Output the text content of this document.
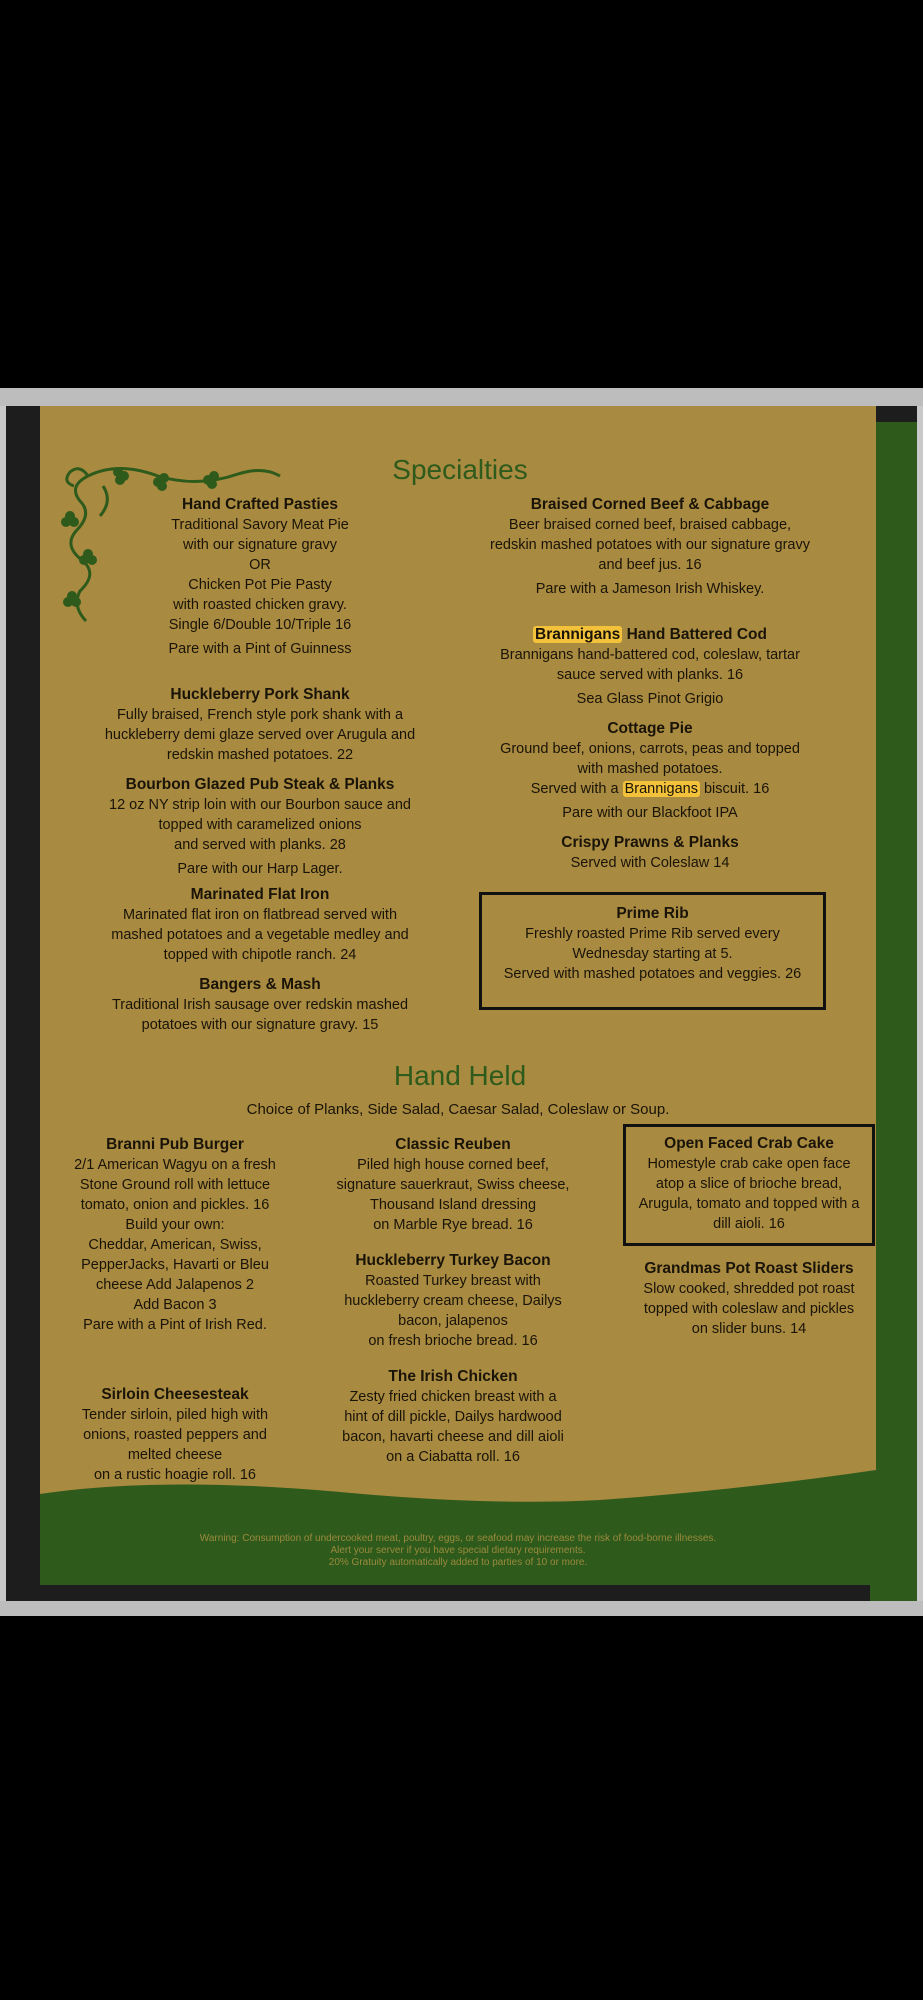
Specialties
Hand Crafted Pasties
Traditional Savory Meat Pie
with our signature gravy
OR
Chicken Pot Pie Pasty
with roasted chicken gravy.
Single 6/Double 10/Triple 16
Pare with a Pint of Guinness
Huckleberry Pork Shank
Fully braised, French style pork shank with a
huckleberry demi glaze served over Arugula and
redskin mashed potatoes. 22
Bourbon Glazed Pub Steak & Planks
12 oz NY strip loin with our Bourbon sauce and
topped with caramelized onions
and served with planks. 28
Pare with our Harp Lager.
Marinated Flat Iron
Marinated flat iron on flatbread served with
mashed potatoes and a vegetable medley and
topped with chipotle ranch. 24
Bangers & Mash
Traditional Irish sausage over redskin mashed
potatoes with our signature gravy. 15
Braised Corned Beef & Cabbage
Beer braised corned beef, braised cabbage,
redskin mashed potatoes with our signature gravy
and beef jus. 16
Pare with a Jameson Irish Whiskey.
Brannigans Hand Battered Cod
Brannigans hand-battered cod, coleslaw, tartar
sauce served with planks. 16
Sea Glass Pinot Grigio
Cottage Pie
Ground beef, onions, carrots, peas and topped
with mashed potatoes.
Served with a Brannigans biscuit. 16
Pare with our Blackfoot IPA
Crispy Prawns & Planks
Served with Coleslaw 14
Prime Rib
Freshly roasted Prime Rib served every
Wednesday starting at 5.
Served with mashed potatoes and veggies. 26
Hand Held
Choice of Planks, Side Salad, Caesar Salad, Coleslaw or Soup.
Branni Pub Burger
2/1 American Wagyu on a fresh
Stone Ground roll with lettuce
tomato, onion and pickles. 16
Build your own:
Cheddar, American, Swiss,
PepperJacks, Havarti or Bleu
cheese Add Jalapenos 2
Add Bacon 3
Pare with a Pint of Irish Red.
Sirloin Cheesesteak
Tender sirloin, piled high with
onions, roasted peppers and
melted cheese
on a rustic hoagie roll. 16
Classic Reuben
Piled high house corned beef,
signature sauerkraut, Swiss cheese,
Thousand Island dressing
on Marble Rye bread. 16
Huckleberry Turkey Bacon
Roasted Turkey breast with
huckleberry cream cheese, Dailys
bacon, jalapenos
on fresh brioche bread. 16
The Irish Chicken
Zesty fried chicken breast with a
hint of dill pickle, Dailys hardwood
bacon, havarti cheese and dill aioli
on a Ciabatta roll. 16
Open Faced Crab Cake
Homestyle crab cake open face
atop a slice of brioche bread,
Arugula, tomato and topped with a
dill aioli. 16
Grandmas Pot Roast Sliders
Slow cooked, shredded pot roast
topped with coleslaw and pickles
on slider buns. 14
Warning: Consumption of undercooked meat, poultry, eggs, or seafood may increase the risk of food-borne illnesses.
Alert your server if you have special dietary requirements.
20% Gratuity automatically added to parties of 10 or more.
